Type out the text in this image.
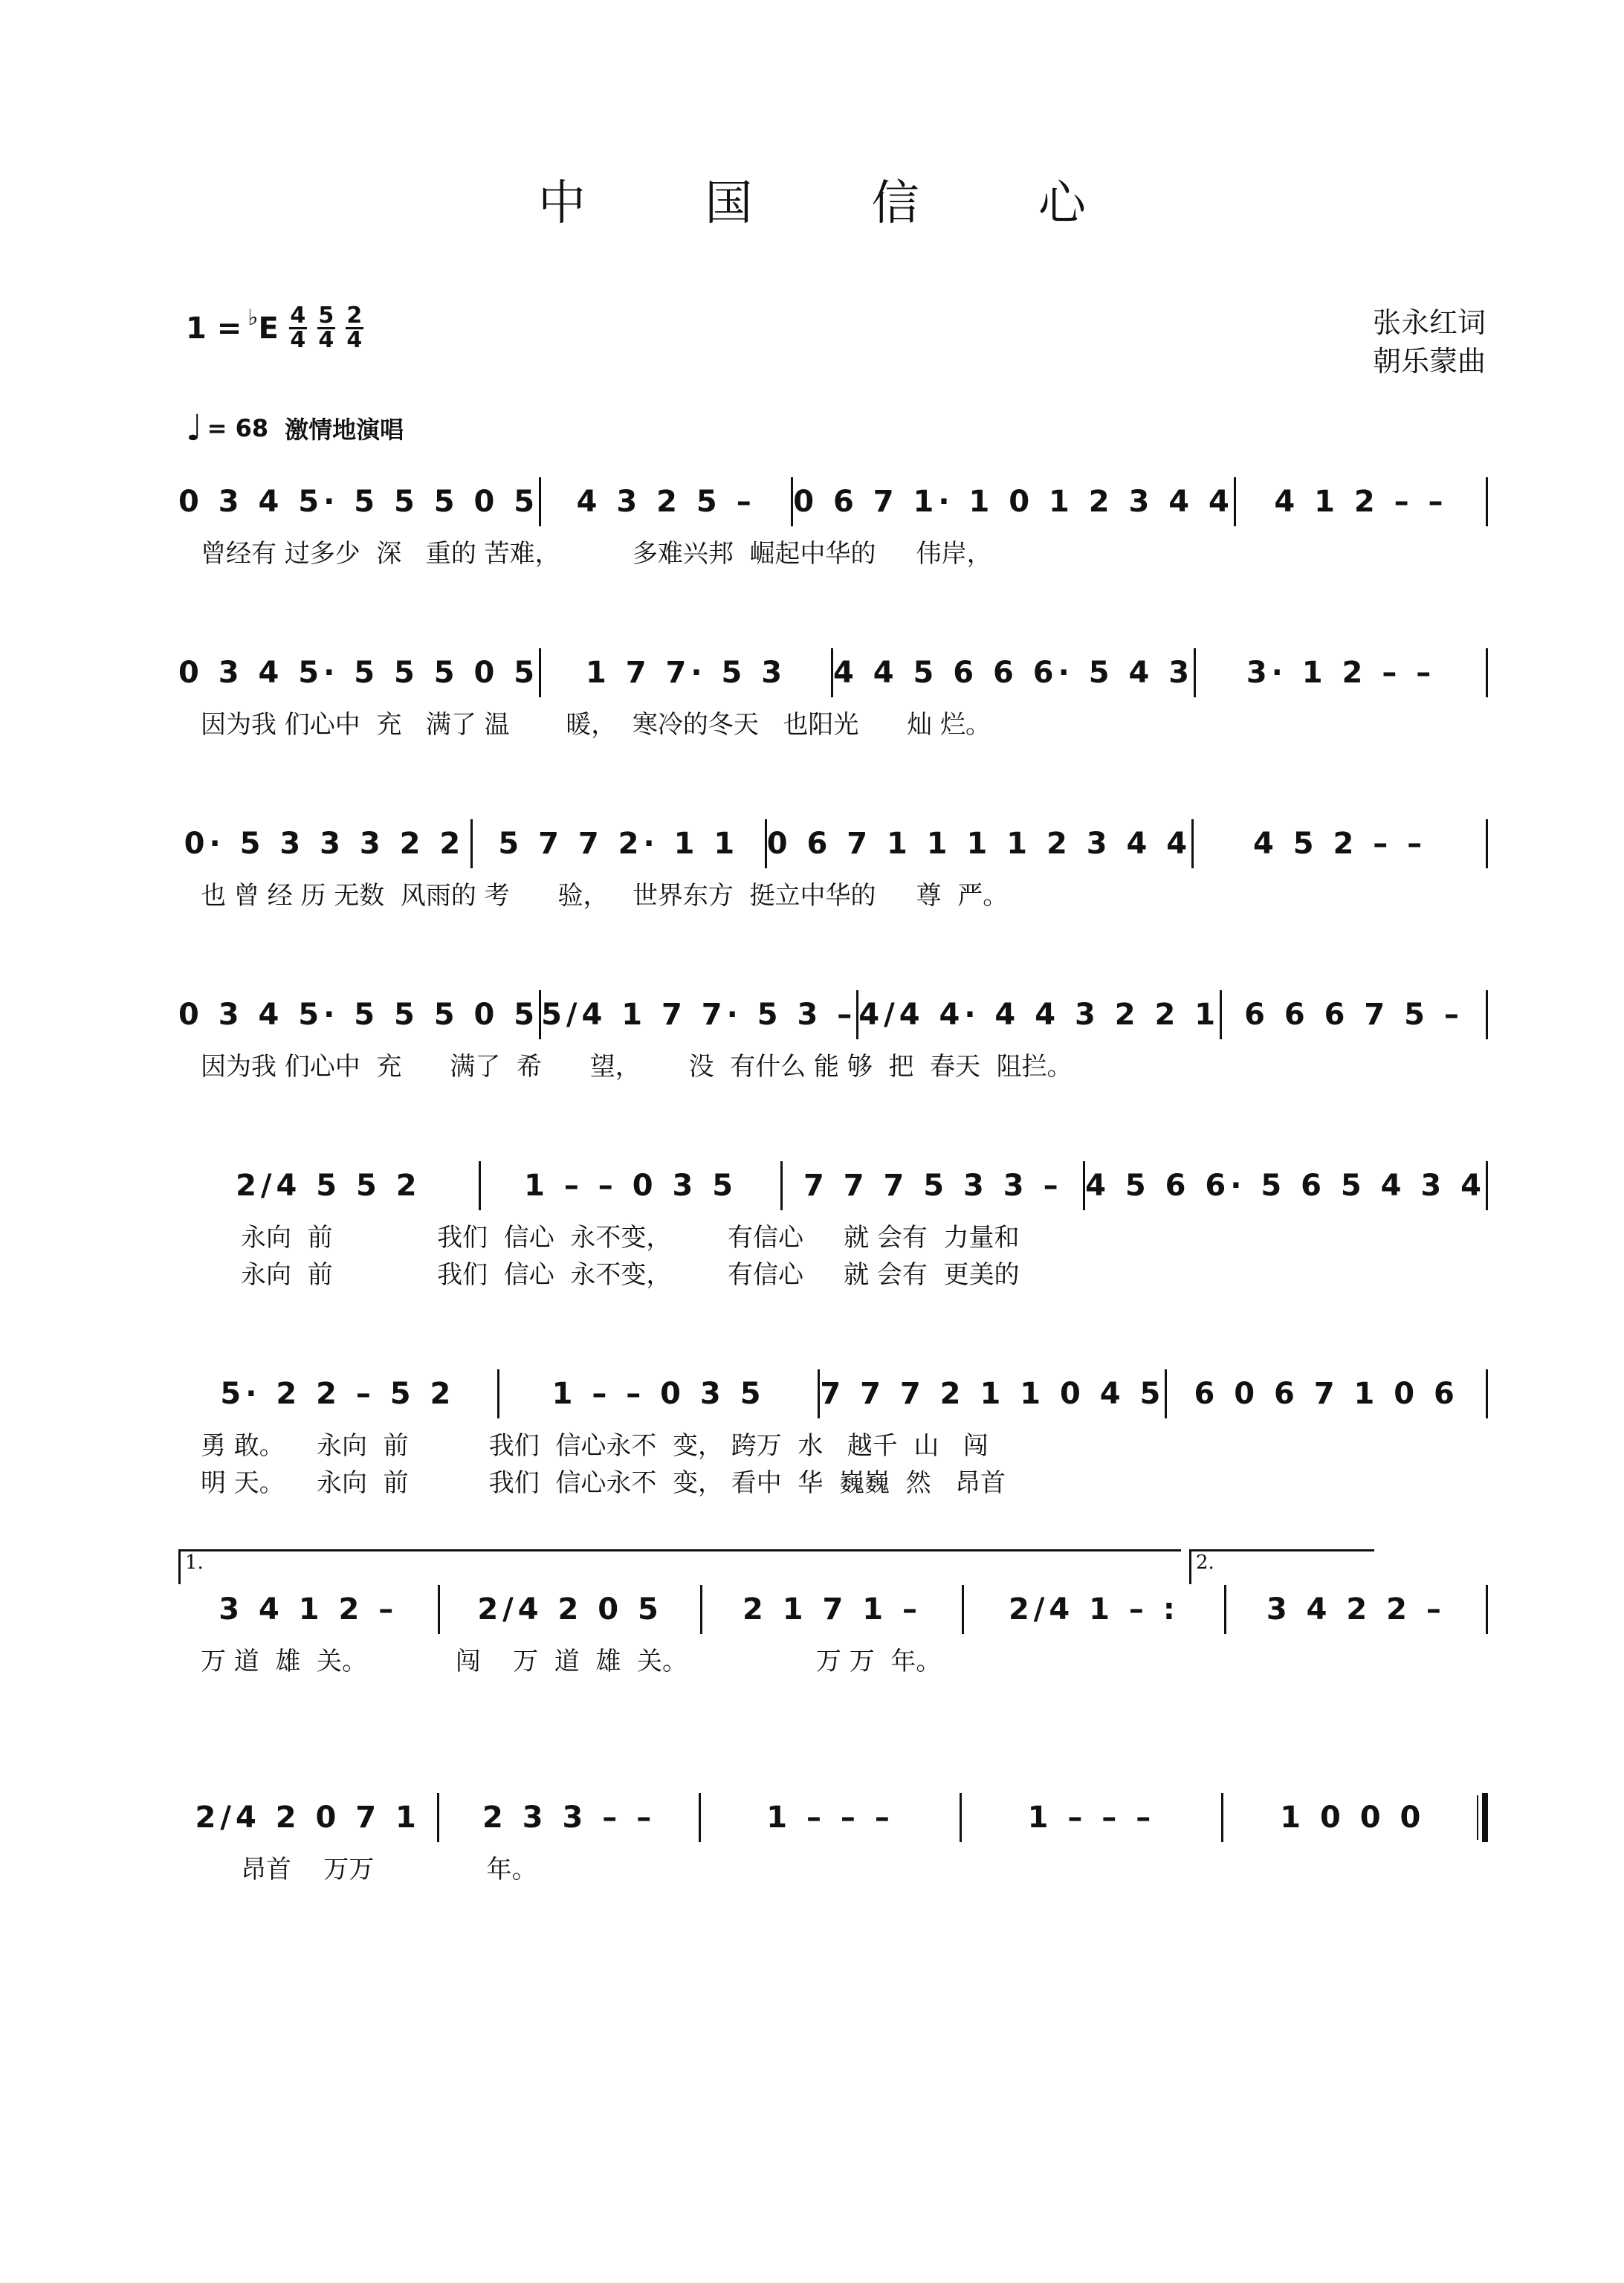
中 国 信 心
1 = ♭ E $\frac{4}{4} \frac{5}{4} \frac{2}{4}$	张永红词
朝乐蒙曲
♩ = 68 激情地演唱
0 3 4 5· 5 5 5 0 5	4 3 2 5 –	0 6 7 1· 1 0 1 2 3 4 4	4 1 2 – –
曾经有 过多少  深   重的 苦难，         多难兴邦  崛起中华的     伟岸，
0 3 4 5· 5 5 5 0 5	1 7 7· 5 3	4 4 5 6 6 6· 5 4 3	3· 1 2 – –
因为我 们心中  充   满了 温       暖，  寒冷的冬天   也阳光      灿 烂。
0· 5 3 3 3 2 2	5 7 7 2· 1 1 0 6 7 1 1 1 1 2 3 4 4	4 5 2 – –
也 曾 经 历 无数  风雨的 考      验，   世界东方  挺立中华的     尊  严。
0 3 4 5· 5 5 5 0 5 5/4 1 7 7· 5 3 – 4/4 4· 4 4 3 2 2 1 6 6 6 7 5 –
因为我 们心中  充      满了  希      望，      没  有什么 能 够  把  春天  阻拦。
2/4 5 5 2	1 – – 0 3 5	7 7 7 5 3 3 – 4 5 6 6· 5 6 5 4 3 4
永向  前             我们  信心  永不变，       有信心     就 会有  力量和
永向  前             我们  信心  永不变，       有信心     就 会有  更美的
5· 2 2 – 5 2	1 – – 0 3 5	7 7 7 2 1 1 0 4 5 6 0 6 7 1 0 6
勇 敢。    永向  前          我们  信心永不  变， 跨万  水   越千  山   闯
明 天。    永向  前          我们  信心永不  变， 看中  华  巍巍  然   昂首
1.	2.
3 4 1 2 –	2/4 2 0 5	2 1 7 1 –	2/4 1 – :	3 4 2 2 –
万 道  雄  关。           闯    万  道  雄  关。                万 万  年。
2/4 2 0 7 1	2 3 3 – –	1 – – –	1 – – –	1 0 0 0
昂首    万万              年。
